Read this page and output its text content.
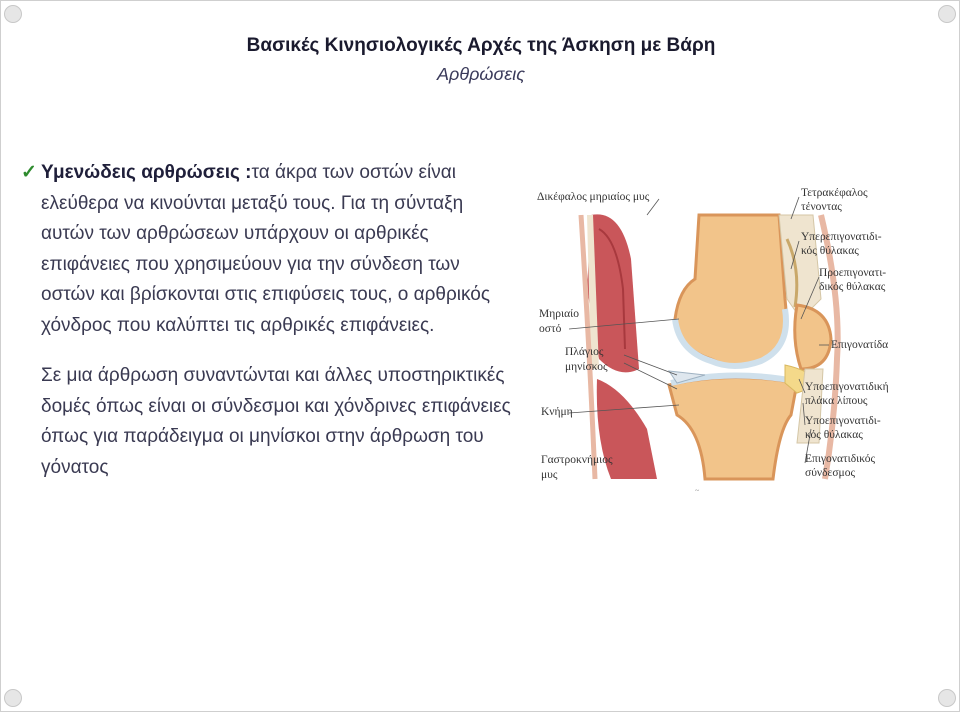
Βασικές Κινησιολογικές Αρχές της Άσκηση με Βάρη
Αρθρώσεις

✓ Υμενώδεις αρθρώσεις :τα άκρα των οστών είναι ελεύθερα να κινούνται μεταξύ τους. Για τη σύνταξη αυτών των αρθρώσεων υπάρχουν οι αρθρικές επιφάνειες που χρησιμεύουν για την σύνδεση των οστών και βρίσκονται στις επιφύσεις τους, ο αρθρικός χόνδρος που καλύπτει τις αρθρικές επιφάνειες.

Σε μια άρθρωση συναντώνται και άλλες υποστηρικτικές δομές όπως είναι οι σύνδεσμοι και χόνδρινες επιφάνειες όπως για παράδειγμα οι μηνίσκοι στην άρθρωση του γόνατος

~
Δικέφαλος μηριαίος μυς
Μηριαίο
οστό
Πλάγιος
μηνίσκος
Κνήμη
Γαστροκνήμιος
μυς
Τετρακέφαλος
τένοντας
Υπερεπιγονατιδι-
κός θύλακας
Προεπιγονατι-
δικός θύλακας
Επιγονατίδα
Υποεπιγονατιδική
πλάκα λίπους
Υποεπιγονατιδι-
κός θύλακας
Επιγονατιδικός
σύνδεσμος
